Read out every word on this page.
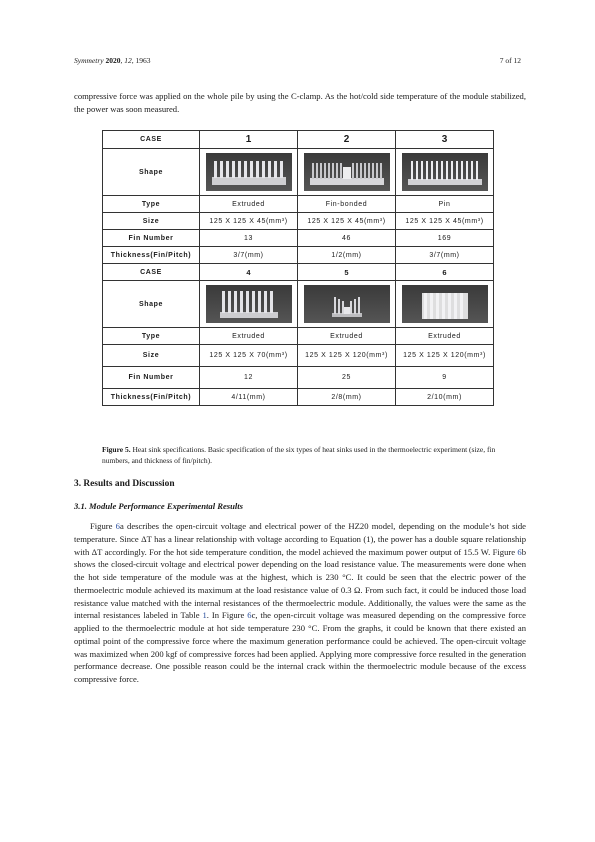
Symmetry 2020, 12, 1963	7 of 12

compressive force was applied on the whole pile by using the C-clamp. As the hot/cold side temperature of the module stabilized, the power was soon measured.

CASE	1	2	3
Shape	

Type	Extruded	Fin-bonded	Pin
Size	125 X 125 X 45(mm³)	125 X 125 X 45(mm³)	125 X 125 X 45(mm³)
Fin Number	13	46	169
Thickness(Fin/Pitch)	3/7(mm)	1/2(mm)	3/7(mm)
CASE	4	5	6
Shape	

Type	Extruded	Extruded	Extruded
Size	125 X 125 X 70(mm³)	125 X 125 X 120(mm³)	125 X 125 X 120(mm³)
Fin Number	12	25	9
Thickness(Fin/Pitch)	4/11(mm)	2/8(mm)	2/10(mm)

Figure 5. Heat sink specifications. Basic specification of the six types of heat sinks used in the thermoelectric experiment (size, fin numbers, and thickness of fin/pitch).

3. Results and Discussion
3.1. Module Performance Experimental Results

Figure 6a describes the open-circuit voltage and electrical power of the HZ20 model, depending on the module’s hot side temperature. Since ΔT has a linear relationship with voltage according to Equation (1), the power has a double square relationship with ΔT accordingly. For the hot side temperature condition, the model achieved the maximum power output of 15.5 W. Figure 6b shows the closed-circuit voltage and electrical power depending on the load resistance value. The measurements were done when the hot side temperature of the module was at the highest, which is 230 °C. It could be seen that the electric power of the thermoelectric module achieved its maximum at the load resistance value of 0.3 Ω. From such fact, it could be induced those load resistance value matched with the internal resistances of the thermoelectric module. Additionally, the values were the same as the internal resistances labeled in Table 1. In Figure 6c, the open-circuit voltage was measured depending on the compressive force applied to the thermoelectric module at hot side temperature 230 °C. From the graphs, it could be known that there existed an optimal point of the compressive force where the maximum generation performance could be achieved. The open-circuit voltage was maximized when 200 kgf of compressive forces had been applied. Applying more compressive force resulted in the generation performance decrease. One possible reason could be the internal crack within the thermoelectric module because of the excess compressive force.
